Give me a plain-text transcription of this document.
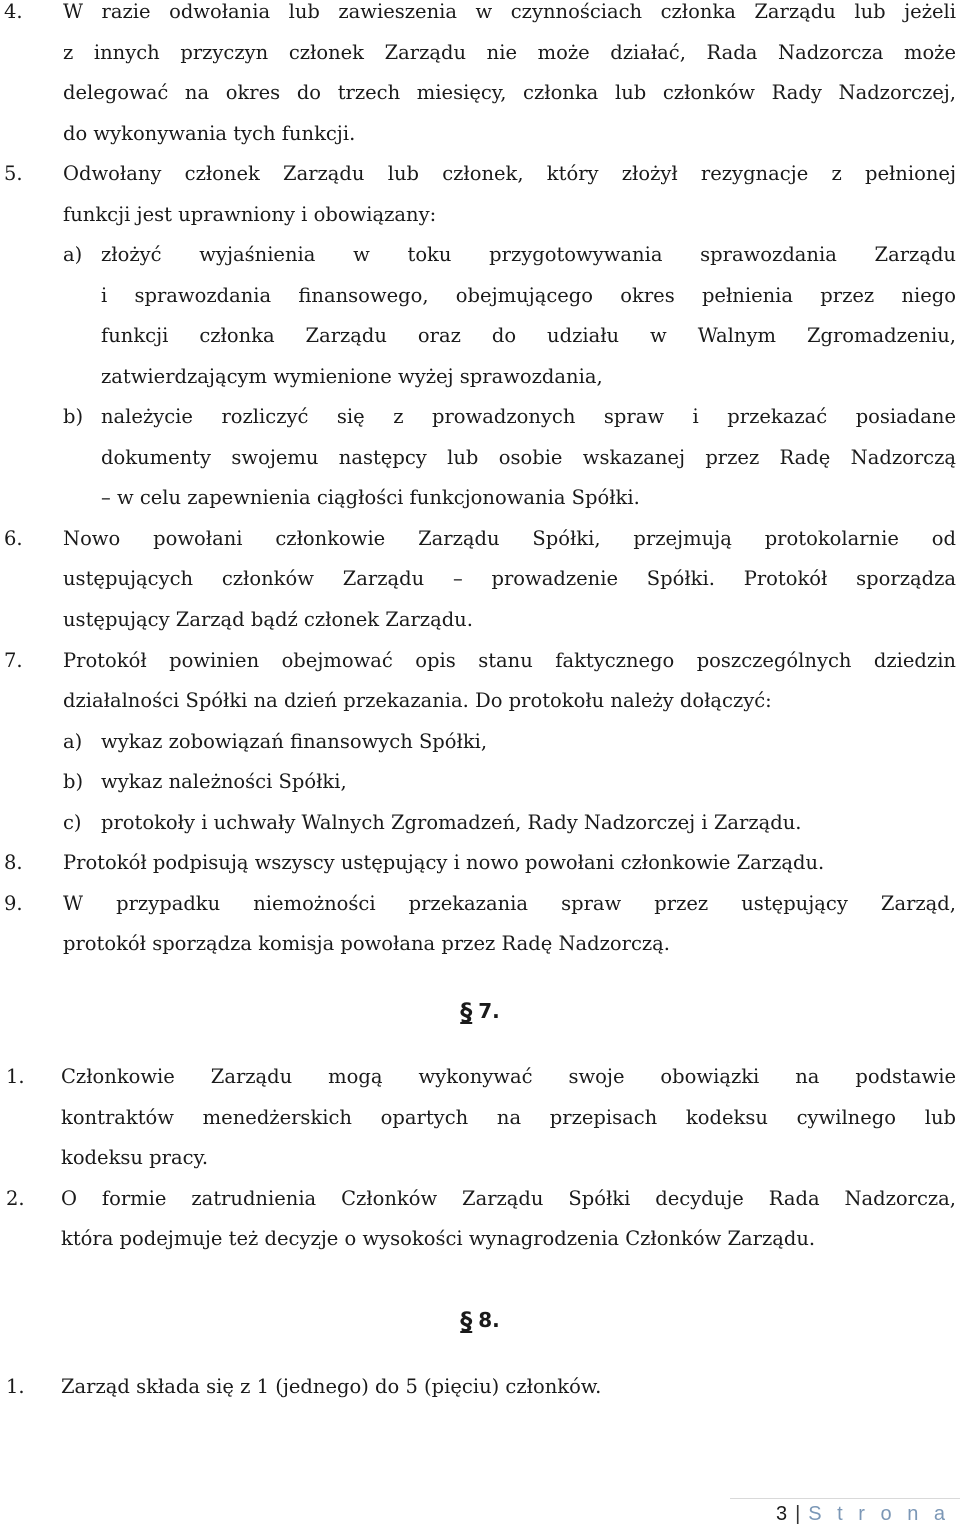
4. W razie odwołania lub zawieszenia w czynnościach członka Zarządu lub jeżeli
z innych przyczyn członek Zarządu nie może działać, Rada Nadzorcza może
delegować na okres do trzech miesięcy, członka lub członków Rady Nadzorczej,
do wykonywania tych funkcji.
5. Odwołany członek Zarządu lub członek, który złożył rezygnacje z pełnionej
funkcji jest uprawniony i obowiązany:
a) złożyć wyjaśnienia w toku przygotowywania sprawozdania Zarządu
i sprawozdania finansowego, obejmującego okres pełnienia przez niego
funkcji członka Zarządu oraz do udziału w Walnym Zgromadzeniu,
zatwierdzającym wymienione wyżej sprawozdania,
b) należycie rozliczyć się z prowadzonych spraw i przekazać posiadane
dokumenty swojemu następcy lub osobie wskazanej przez Radę Nadzorczą
– w celu zapewnienia ciągłości funkcjonowania Spółki.
6. Nowo powołani członkowie Zarządu Spółki, przejmują protokolarnie od
ustępujących członków Zarządu – prowadzenie Spółki. Protokół sporządza
ustępujący Zarząd bądź członek Zarządu.
7. Protokół powinien obejmować opis stanu faktycznego poszczególnych dziedzin
działalności Spółki na dzień przekazania. Do protokołu należy dołączyć:
a) wykaz zobowiązań finansowych Spółki,
b) wykaz należności Spółki,
c) protokoły i uchwały Walnych Zgromadzeń, Rady Nadzorczej i Zarządu.
8. Protokół podpisują wszyscy ustępujący i nowo powołani członkowie Zarządu.
9. W przypadku niemożności przekazania spraw przez ustępujący Zarząd,
protokół sporządza komisja powołana przez Radę Nadzorczą.
§ 7.
1. Członkowie Zarządu mogą wykonywać swoje obowiązki na podstawie
kontraktów menedżerskich opartych na przepisach kodeksu cywilnego lub
kodeksu pracy.
2. O formie zatrudnienia Członków Zarządu Spółki decyduje Rada Nadzorcza,
która podejmuje też decyzje o wysokości wynagrodzenia Członków Zarządu.
§ 8.
1. Zarząd składa się z 1 (jednego) do 5 (pięciu) członków.
3 | S t r o n a
